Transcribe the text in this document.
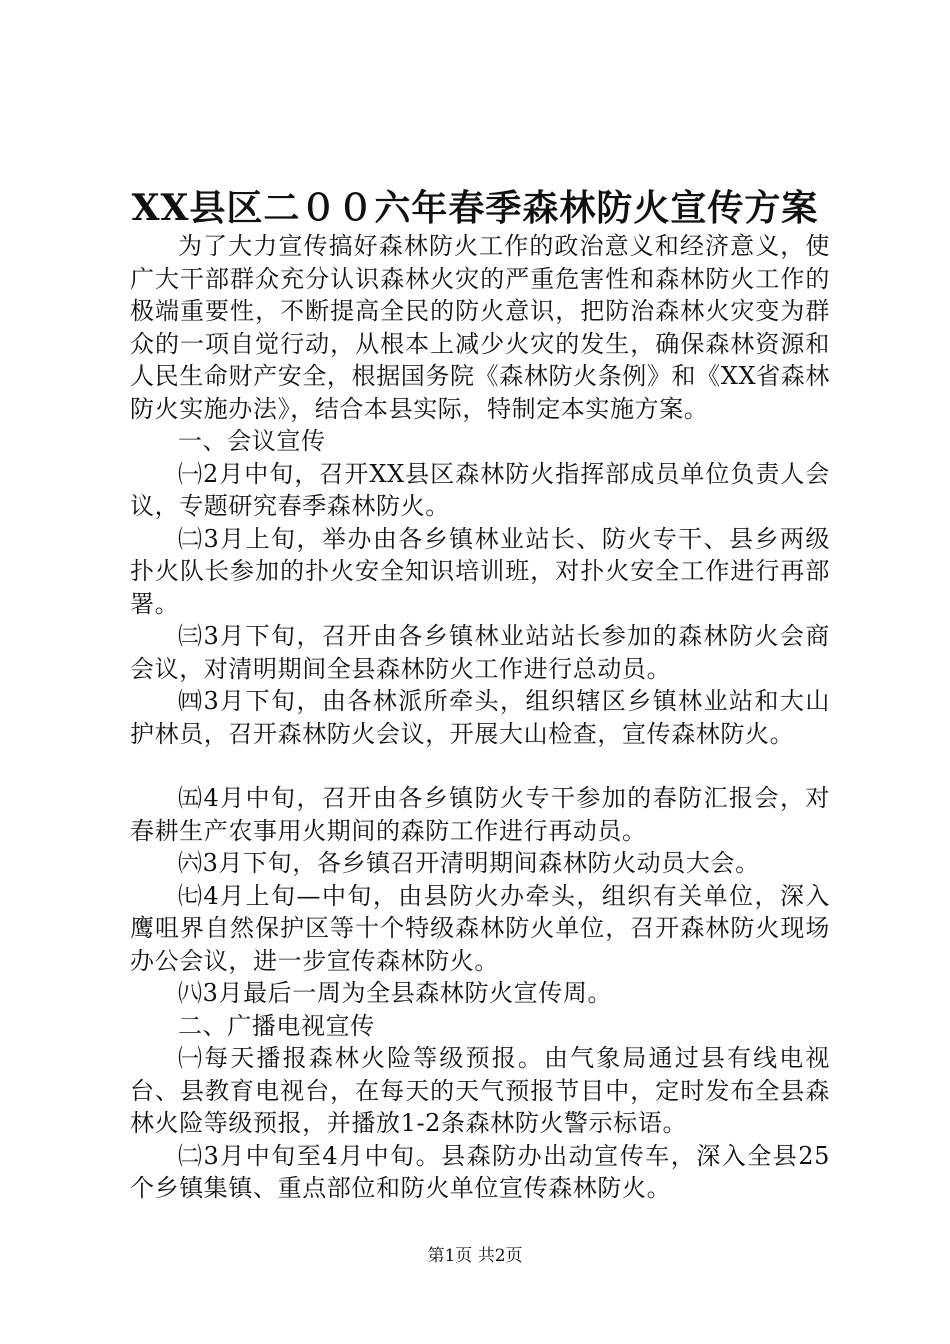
XX县区二００六年春季森林防火宣传方案

为了大力宣传搞好森林防火工作的政治意义和经济意义，使广大干部群众充分认识森林火灾的严重危害性和森林防火工作的极端重要性，不断提高全民的防火意识，把防治森林火灾变为群众的一项自觉行动，从根本上减少火灾的发生，确保森林资源和人民生命财产安全，根据国务院《森林防火条例》和《XX省森林防火实施办法》，结合本县实际，特制定本实施方案。

一、会议宣传

㈠2月中旬，召开XX县区森林防火指挥部成员单位负责人会议，专题研究春季森林防火。

㈡3月上旬，举办由各乡镇林业站长、防火专干、县乡两级扑火队长参加的扑火安全知识培训班，对扑火安全工作进行再部署。

㈢3月下旬，召开由各乡镇林业站站长参加的森林防火会商会议，对清明期间全县森林防火工作进行总动员。

㈣3月下旬，由各林派所牵头，组织辖区乡镇林业站和大山护林员，召开森林防火会议，开展大山检查，宣传森林防火。

㈤4月中旬，召开由各乡镇防火专干参加的春防汇报会，对春耕生产农事用火期间的森防工作进行再动员。

㈥3月下旬，各乡镇召开清明期间森林防火动员大会。

㈦4月上旬—中旬，由县防火办牵头，组织有关单位，深入鹰咀界自然保护区等十个特级森林防火单位，召开森林防火现场办公会议，进一步宣传森林防火。

㈧3月最后一周为全县森林防火宣传周。

二、广播电视宣传

㈠每天播报森林火险等级预报。由气象局通过县有线电视台、县教育电视台，在每天的天气预报节目中，定时发布全县森林火险等级预报，并播放1-2条森林防火警示标语。

㈡3月中旬至4月中旬。县森防办出动宣传车，深入全县25个乡镇集镇、重点部位和防火单位宣传森林防火。

第1页 共2页
